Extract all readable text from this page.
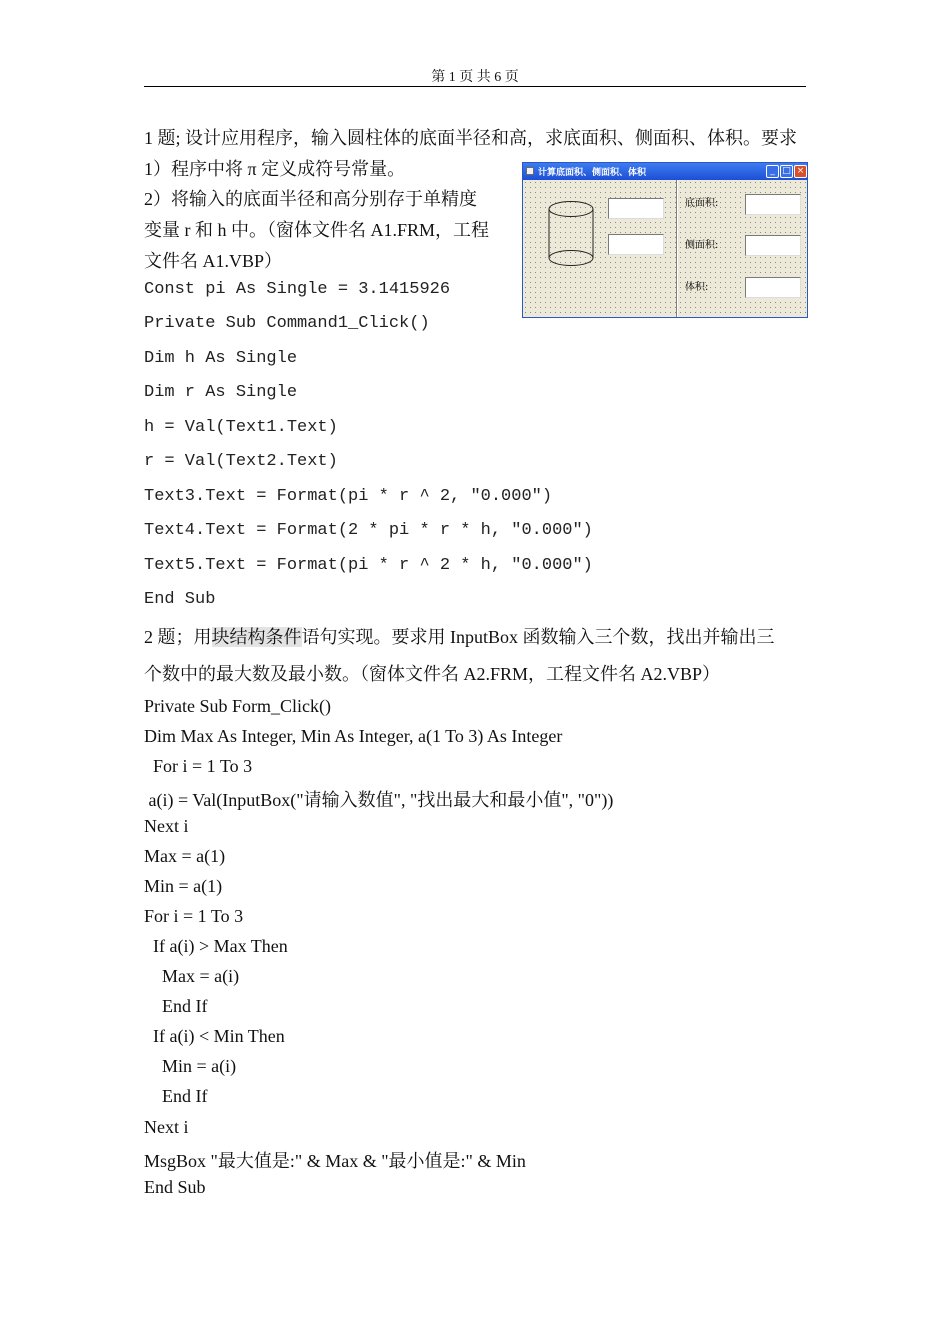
第 1 页 共 6 页
1 题; 设计应用程序，输入圆柱体的底面半径和高，求底面积、侧面积、体积。要求
1）程序中将 π 定义成符号常量。
2）将输入的底面半径和高分别存于单精度
变量 r 和 h 中。（窗体文件名 A1.FRM，工程
文件名 A1.VBP）
Const pi As Single = 3.1415926
Private Sub Command1_Click()
Dim h As Single
Dim r As Single
h = Val(Text1.Text)
r = Val(Text2.Text)
Text3.Text = Format(pi * r ^ 2, "0.000")
Text4.Text = Format(2 * pi * r * h, "0.000")
Text5.Text = Format(pi * r ^ 2 * h, "0.000")
End Sub
计算底面积、侧面积、体积	_ □ ×
底面积:
侧面积:
体积:
2 题；用块结构条件语句实现。要求用 InputBox 函数输入三个数，找出并输出三
个数中的最大数及最小数。（窗体文件名 A2.FRM，工程文件名 A2.VBP）
Private Sub Form_Click()
Dim Max As Integer, Min As Integer, a(1 To 3) As Integer
For i = 1 To 3
a(i) = Val(InputBox("请输入数值", "找出最大和最小值", "0"))
Next i
Max = a(1)
Min = a(1)
For i = 1 To 3
If a(i) > Max Then
Max = a(i)
End If
If a(i) < Min Then
Min = a(i)
End If
Next i
MsgBox "最大值是:" & Max & "最小值是:" & Min
End Sub
